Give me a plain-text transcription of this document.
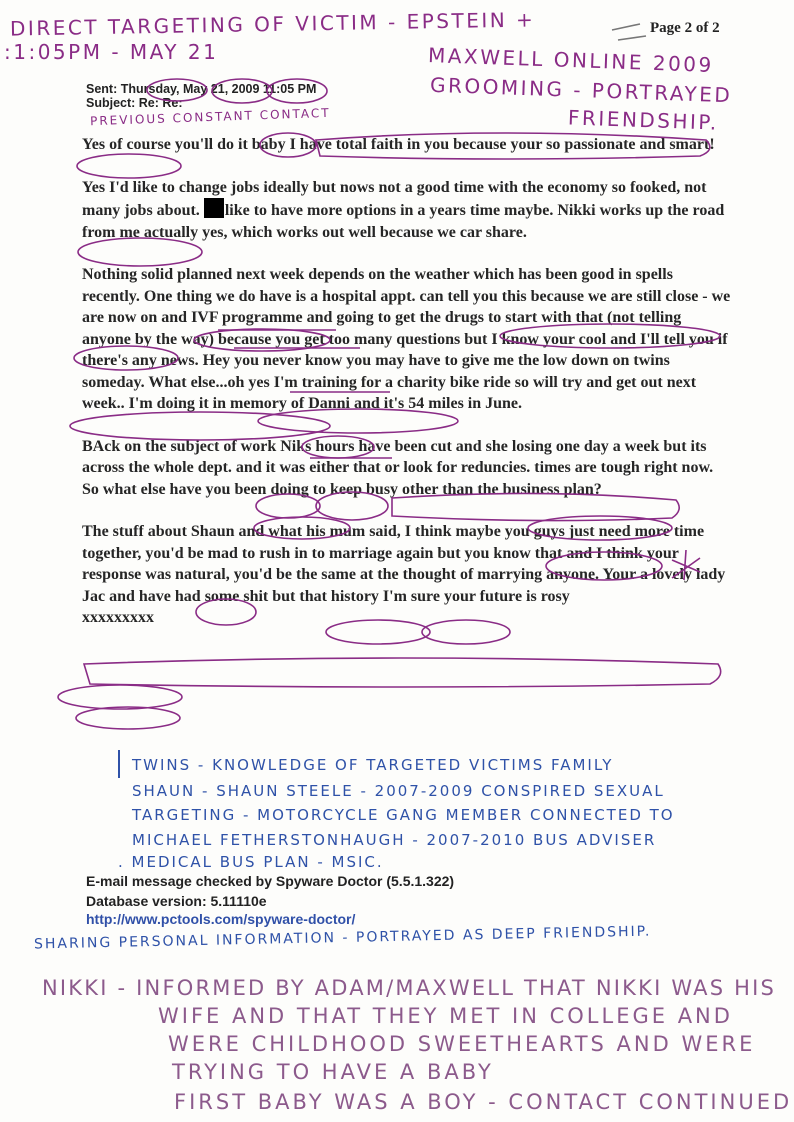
DIRECT TARGETING OF VICTIM - EPSTEIN +
:1:05PM - MAY 21
Page 2 of 2
MAXWELL ONLINE 2009
GROOMING - PORTRAYED
FRIENDSHIP.
Sent: Thursday, May 21, 2009 11:05 PM
Subject: Re: Re:
PREVIOUS CONSTANT CONTACT

Yes of course you'll do it baby I have total faith in you because your so passionate and smart!

Yes I'd like to change jobs ideally but nows not a good time with the economy so fooked, not many jobs about. like to have more options in a years time maybe. Nikki works up the road from me actually yes, which works out well because we car share.

Nothing solid planned next week depends on the weather which has been good in spells recently. One thing we do have is a hospital appt. can tell you this because we are still close - we are now on and IVF programme and going to get the drugs to start with that (not telling anyone by the way) because you get too many questions but I know your cool and I'll tell you if there's any news. Hey you never know you may have to give me the low down on twins someday. What else...oh yes I'm training for a charity bike ride so will try and get out next week.. I'm doing it in memory of Danni and it's 54 miles in June.

BAck on the subject of work Niks hours have been cut and she losing one day a week but its across the whole dept. and it was either that or look for reduncies. times are tough right now.

So what else have you been doing to keep busy other than the business plan?

The stuff about Shaun and what his mum said, I think maybe you guys just need more time together, you'd be mad to rush in to marriage again but you know that and I think your response was natural, you'd be the same at the thought of marrying anyone. Your a lovely lady Jac and have had some shit but that history I'm sure your future is rosy

xxxxxxxxx

TWINS - KNOWLEDGE OF TARGETED VICTIMS FAMILY
SHAUN - SHAUN STEELE - 2007-2009 CONSPIRED SEXUAL
TARGETING - MOTORCYCLE GANG MEMBER CONNECTED TO
MICHAEL FETHERSTONHAUGH - 2007-2010 BUS ADVISER
. MEDICAL BUS PLAN - MSIC.
E-mail message checked by Spyware Doctor (5.5.1.322)
Database version: 5.11110e
http://www.pctools.com/spyware-doctor/
SHARING PERSONAL INFORMATION - PORTRAYED AS DEEP FRIENDSHIP.
NIKKI - INFORMED BY ADAM/MAXWELL THAT NIKKI WAS HIS
WIFE AND THAT THEY MET IN COLLEGE AND
WERE CHILDHOOD SWEETHEARTS AND WERE
TRYING TO HAVE A BABY
FIRST BABY WAS A BOY - CONTACT CONTINUED
